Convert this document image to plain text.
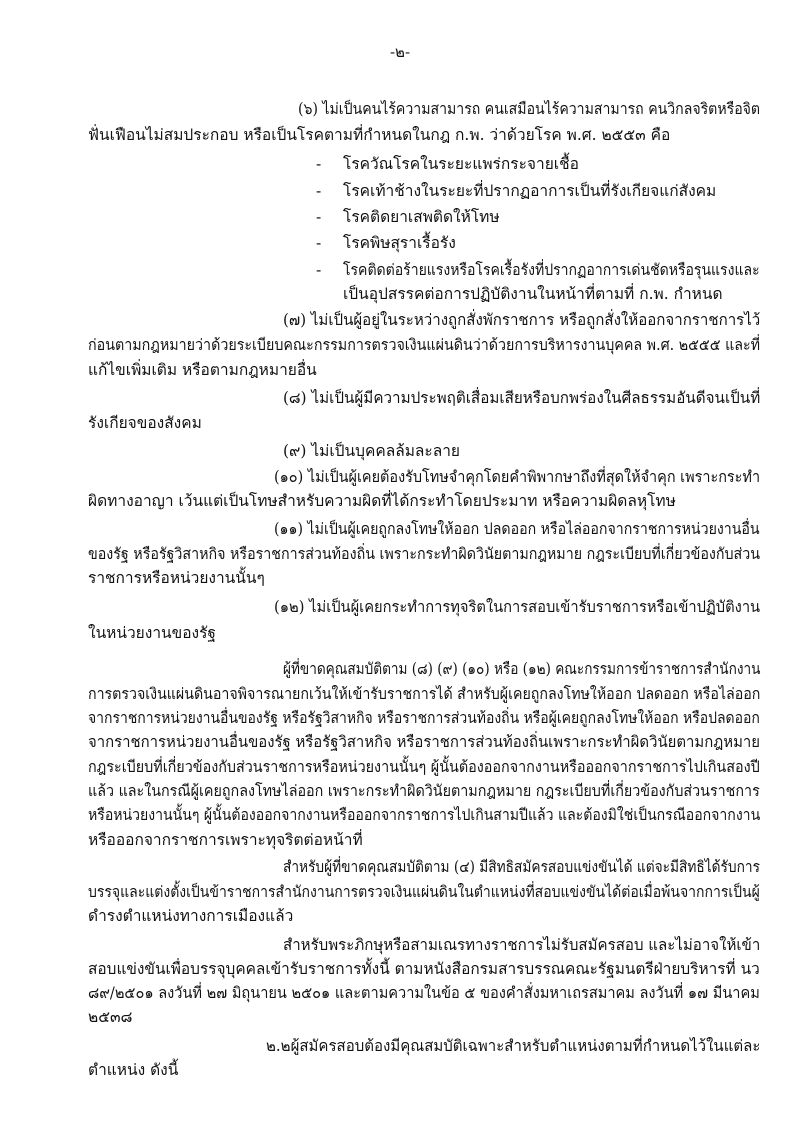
-๒-
(๖) ไม่เป็นคนไร้ความสามารถ คนเสมือนไร้ความสามารถ คนวิกลจริตหรือจิต
ฟั่นเฟือนไม่สมประกอบ หรือเป็นโรคตามที่กำหนดในกฎ ก.พ. ว่าด้วยโรค พ.ศ. ๒๕๕๓ คือ
- โรควัณโรคในระยะแพร่กระจายเชื้อ
- โรคเท้าช้างในระยะที่ปรากฏอาการเป็นที่รังเกียจแก่สังคม
- โรคติดยาเสพติดให้โทษ
- โรคพิษสุราเรื้อรัง
- โรคติดต่อร้ายแรงหรือโรคเรื้อรังที่ปรากฏอาการเด่นชัดหรือรุนแรงและ
เป็นอุปสรรคต่อการปฏิบัติงานในหน้าที่ตามที่ ก.พ. กำหนด
(๗) ไม่เป็นผู้อยู่ในระหว่างถูกสั่งพักราชการ หรือถูกสั่งให้ออกจากราชการไว้
ก่อนตามกฎหมายว่าด้วยระเบียบคณะกรรมการตรวจเงินแผ่นดินว่าด้วยการบริหารงานบุคคล พ.ศ. ๒๕๕๕ และที่
แก้ไขเพิ่มเติม หรือตามกฎหมายอื่น
(๘) ไม่เป็นผู้มีความประพฤติเสื่อมเสียหรือบกพร่องในศีลธรรมอันดีจนเป็นที่
รังเกียจของสังคม
(๙) ไม่เป็นบุคคลล้มละลาย
(๑๐) ไม่เป็นผู้เคยต้องรับโทษจำคุกโดยคำพิพากษาถึงที่สุดให้จำคุก เพราะกระทำ
ผิดทางอาญา เว้นแต่เป็นโทษสำหรับความผิดที่ได้กระทำโดยประมาท หรือความผิดลหุโทษ
(๑๑) ไม่เป็นผู้เคยถูกลงโทษให้ออก ปลดออก หรือไล่ออกจากราชการหน่วยงานอื่น
ของรัฐ หรือรัฐวิสาหกิจ หรือราชการส่วนท้องถิ่น เพราะกระทำผิดวินัยตามกฎหมาย กฎระเบียบที่เกี่ยวข้องกับส่วน
ราชการหรือหน่วยงานนั้นๆ
(๑๒) ไม่เป็นผู้เคยกระทำการทุจริตในการสอบเข้ารับราชการหรือเข้าปฏิบัติงาน
ในหน่วยงานของรัฐ
ผู้ที่ขาดคุณสมบัติตาม (๘) (๙) (๑๐) หรือ (๑๒) คณะกรรมการข้าราชการสำนักงาน
การตรวจเงินแผ่นดินอาจพิจารณายกเว้นให้เข้ารับราชการได้ สำหรับผู้เคยถูกลงโทษให้ออก ปลดออก หรือไล่ออก
จากราชการหน่วยงานอื่นของรัฐ หรือรัฐวิสาหกิจ หรือราชการส่วนท้องถิ่น หรือผู้เคยถูกลงโทษให้ออก หรือปลดออก
จากราชการหน่วยงานอื่นของรัฐ หรือรัฐวิสาหกิจ หรือราชการส่วนท้องถิ่นเพราะกระทำผิดวินัยตามกฎหมาย
กฎระเบียบที่เกี่ยวข้องกับส่วนราชการหรือหน่วยงานนั้นๆ ผู้นั้นต้องออกจากงานหรือออกจากราชการไปเกินสองปี
แล้ว และในกรณีผู้เคยถูกลงโทษไล่ออก เพราะกระทำผิดวินัยตามกฎหมาย กฎระเบียบที่เกี่ยวข้องกับส่วนราชการ
หรือหน่วยงานนั้นๆ ผู้นั้นต้องออกจากงานหรือออกจากราชการไปเกินสามปีแล้ว และต้องมิใช่เป็นกรณีออกจากงาน
หรือออกจากราชการเพราะทุจริตต่อหน้าที่
สำหรับผู้ที่ขาดคุณสมบัติตาม (๔) มีสิทธิสมัครสอบแข่งขันได้ แต่จะมีสิทธิได้รับการ
บรรจุและแต่งตั้งเป็นข้าราชการสำนักงานการตรวจเงินแผ่นดินในตำแหน่งที่สอบแข่งขันได้ต่อเมื่อพ้นจากการเป็นผู้
ดำรงตำแหน่งทางการเมืองแล้ว
สำหรับพระภิกษุหรือสามเณรทางราชการไม่รับสมัครสอบ และไม่อาจให้เข้า
สอบแข่งขันเพื่อบรรจุบุคคลเข้ารับราชการทั้งนี้ ตามหนังสือกรมสารบรรณคณะรัฐมนตรีฝ่ายบริหารที่ นว
๘๙/๒๕๐๑ ลงวันที่ ๒๗ มิถุนายน ๒๕๐๑ และตามความในข้อ ๕ ของคำสั่งมหาเถรสมาคม ลงวันที่ ๑๗ มีนาคม
๒๕๓๘
๒.๒ผู้สมัครสอบต้องมีคุณสมบัติเฉพาะสำหรับตำแหน่งตามที่กำหนดไว้ในแต่ละ
ตำแหน่ง ดังนี้
